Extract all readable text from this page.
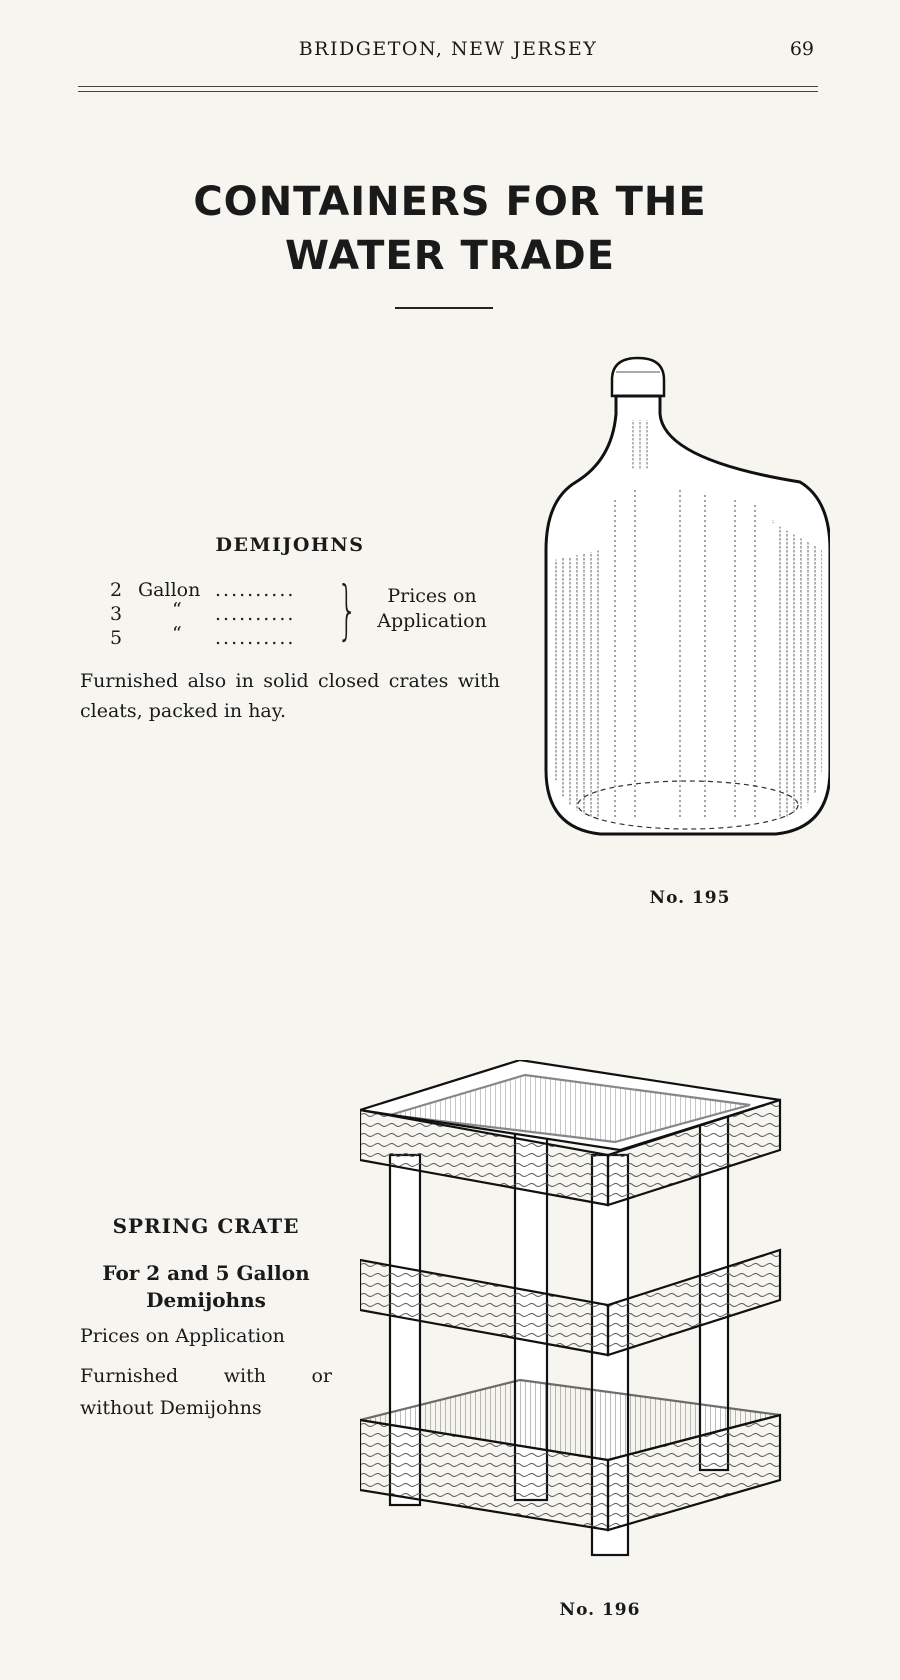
BRIDGETON, NEW JERSEY	69
CONTAINERS FOR THE
WATER TRADE
DEMIJOHNS
2 Gallon ..........
3	“ ..........
5	“ .......... }	Prices on
Application
Furnished also in solid closed crates with cleats, packed in hay.
No. 195
SPRING CRATE
For 2 and 5 Gallon
Demijohns
Prices on Application
Furnished with or without Demijohns
No. 196
